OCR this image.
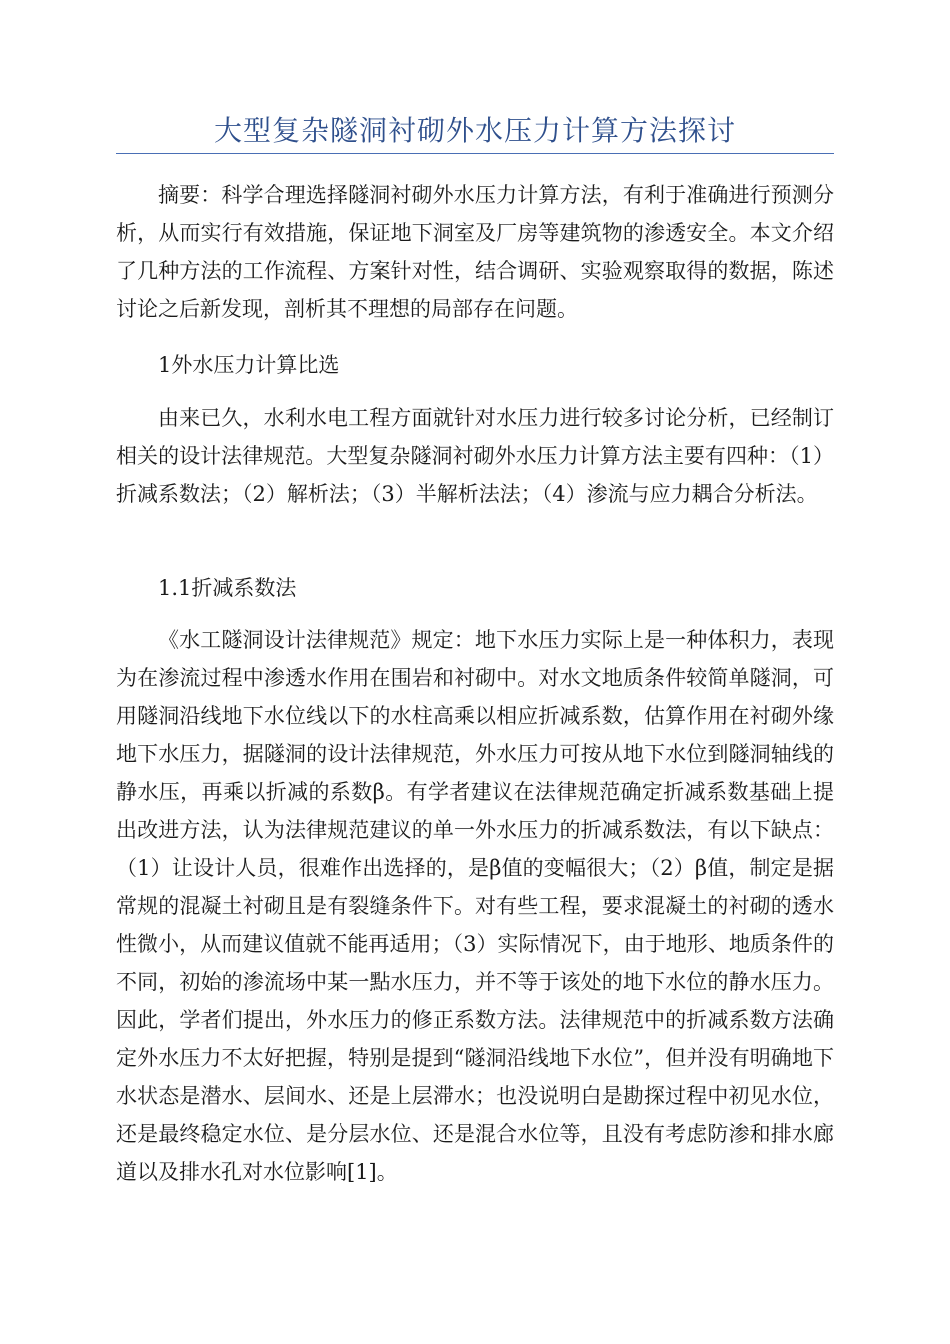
大型复杂隧洞衬砌外水压力计算方法探讨

摘要：科学合理选择隧洞衬砌外水压力计算方法，有利于准确进行预测分析，从而实行有效措施，保证地下洞室及厂房等建筑物的渗透安全。本文介绍了几种方法的工作流程、方案针对性，结合调研、实验观察取得的数据，陈述讨论之后新发现，剖析其不理想的局部存在问题。

1外水压力计算比选

由来已久，水利水电工程方面就针对水压力进行较多讨论分析，已经制订相关的设计法律规范。大型复杂隧洞衬砌外水压力计算方法主要有四种：（1）折减系数法；（2）解析法；（3）半解析法法；（4）渗流与应力耦合分析法。

1.1折减系数法

《水工隧洞设计法律规范》规定：地下水压力实际上是一种体积力，表现为在渗流过程中渗透水作用在围岩和衬砌中。对水文地质条件较简单隧洞，可用隧洞沿线地下水位线以下的水柱高乘以相应折减系数，估算作用在衬砌外缘地下水压力，据隧洞的设计法律规范，外水压力可按从地下水位到隧洞轴线的静水压，再乘以折减的系数β。有学者建议在法律规范确定折减系数基础上提出改进方法，认为法律规范建议的单一外水压力的折减系数法，有以下缺点：（1）让设计人员，很难作出选择的，是β值的变幅很大；（2）β值，制定是据常规的混凝土衬砌且是有裂缝条件下。对有些工程，要求混凝土的衬砌的透水性微小，从而建议值就不能再适用；（3）实际情况下，由于地形、地质条件的不同，初始的渗流场中某一點水压力，并不等于该处的地下水位的静水压力。因此，学者们提出，外水压力的修正系数方法。法律规范中的折减系数方法确定外水压力不太好把握，特别是提到“隧洞沿线地下水位”，但并没有明确地下水状态是潜水、层间水、还是上层滞水；也没说明白是勘探过程中初见水位，还是最终稳定水位、是分层水位、还是混合水位等，且没有考虑防渗和排水廊道以及排水孔对水位影响[1]。
